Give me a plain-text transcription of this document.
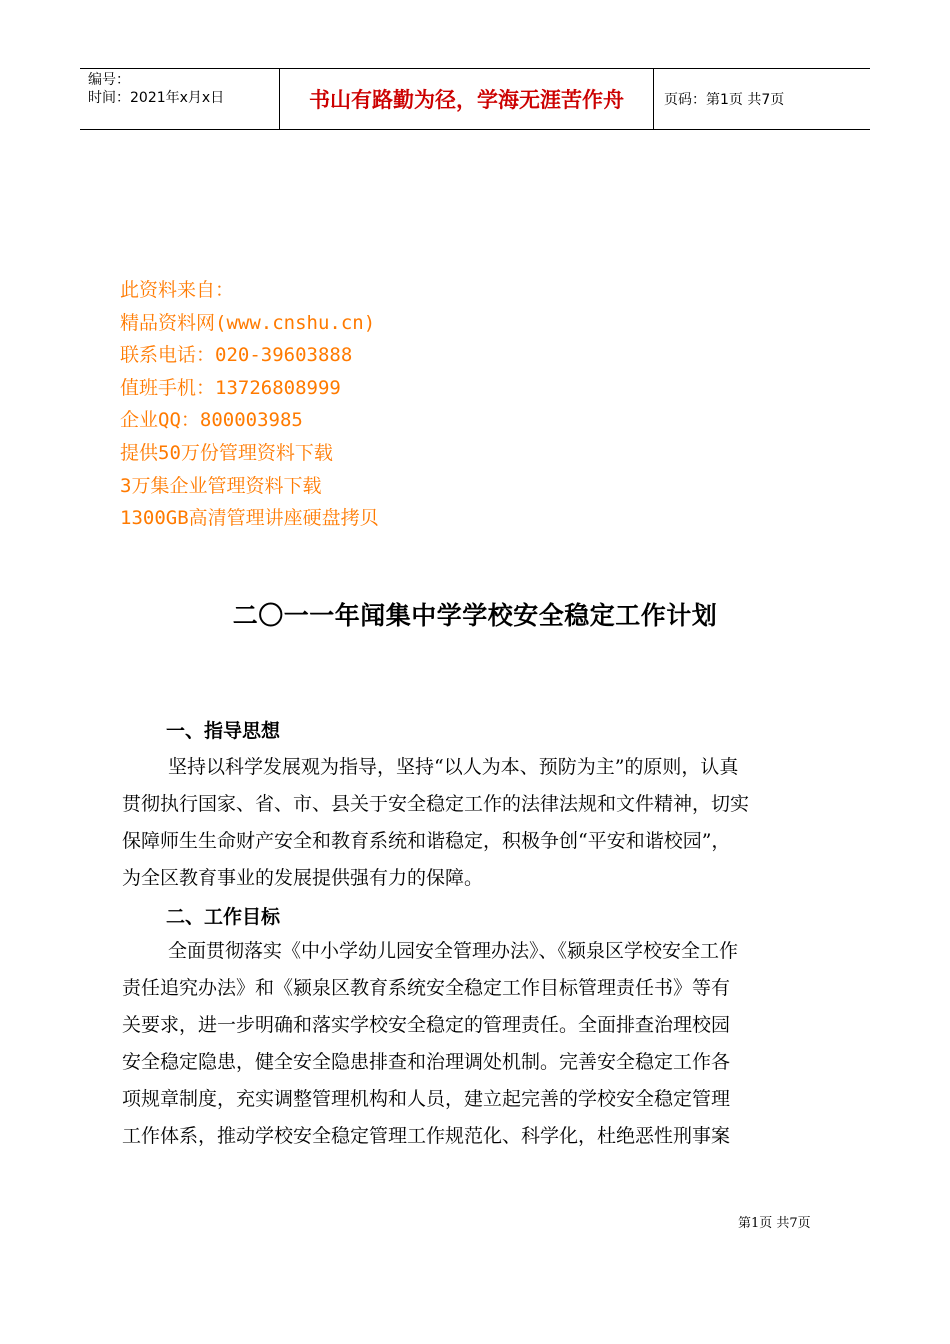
编号：
时间：2021年x月x日	书山有路勤为径，学海无涯苦作舟	页码：第1页 共7页
此资料来自：
精品资料网(www.cnshu.cn)
联系电话：020-39603888
值班手机：13726808999
企业QQ：800003985
提供50万份管理资料下载
3万集企业管理资料下载
1300GB高清管理讲座硬盘拷贝
二〇一一年闻集中学学校安全稳定工作计划
一、指导思想
坚持以科学发展观为指导，坚持“以人为本、预防为主”的原则，认真
贯彻执行国家、省、市、县关于安全稳定工作的法律法规和文件精神，切实
保障师生生命财产安全和教育系统和谐稳定，积极争创“平安和谐校园”，
为全区教育事业的发展提供强有力的保障。
二、工作目标
全面贯彻落实《中小学幼儿园安全管理办法》、《颍泉区学校安全工作
责任追究办法》和《颍泉区教育系统安全稳定工作目标管理责任书》等有
关要求，进一步明确和落实学校安全稳定的管理责任。全面排查治理校园
安全稳定隐患，健全安全隐患排查和治理调处机制。完善安全稳定工作各
项规章制度，充实调整管理机构和人员，建立起完善的学校安全稳定管理
工作体系，推动学校安全稳定管理工作规范化、科学化，杜绝恶性刑事案
第1页 共7页
